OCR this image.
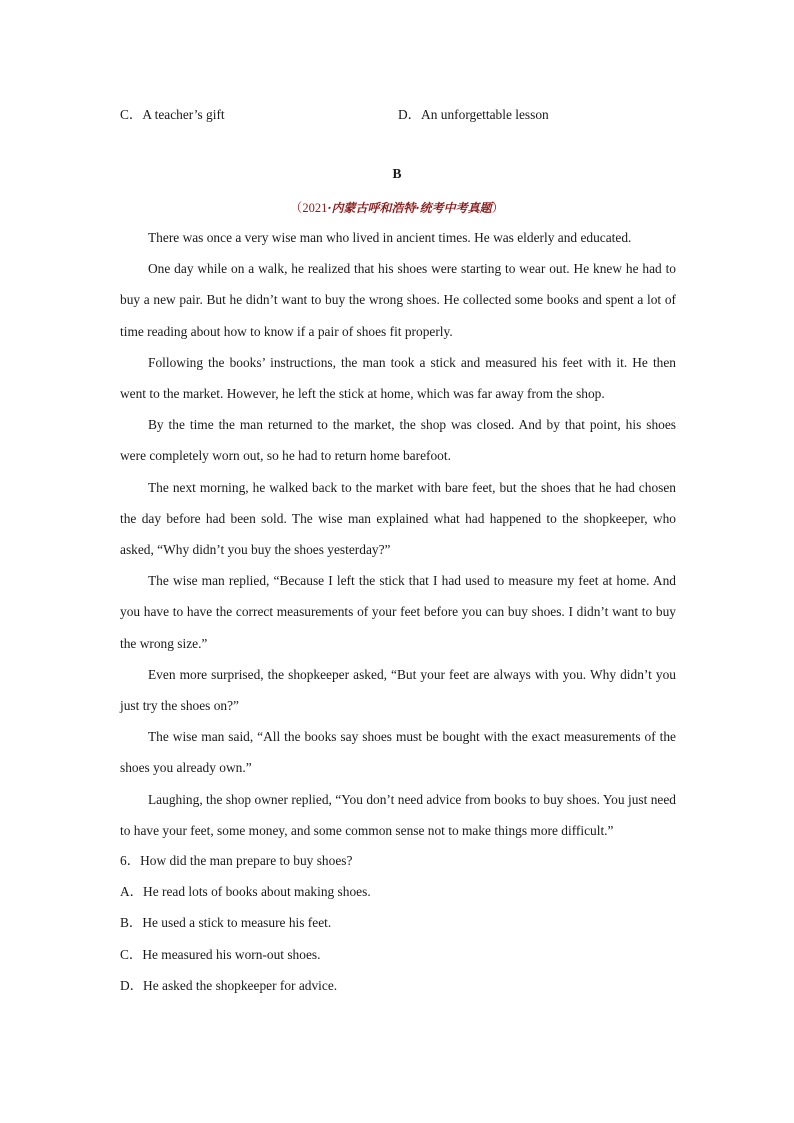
C．A teacher’s gift	D．An unforgettable lesson
B
（2021·内蒙古呼和浩特·统考中考真题）

There was once a very wise man who lived in ancient times. He was elderly and educated.

One day while on a walk, he realized that his shoes were starting to wear out. He knew he had to buy a new pair. But he didn’t want to buy the wrong shoes. He collected some books and spent a lot of time reading about how to know if a pair of shoes fit properly.

Following the books’ instructions, the man took a stick and measured his feet with it. He then went to the market. However, he left the stick at home, which was far away from the shop.

By the time the man returned to the market, the shop was closed. And by that point, his shoes were completely worn out, so he had to return home barefoot.

The next morning, he walked back to the market with bare feet, but the shoes that he had chosen the day before had been sold. The wise man explained what had happened to the shopkeeper, who asked, “Why didn’t you buy the shoes yesterday?”

The wise man replied, “Because I left the stick that I had used to measure my feet at home. And you have to have the correct measurements of your feet before you can buy shoes. I didn’t want to buy the wrong size.”

Even more surprised, the shopkeeper asked, “But your feet are always with you. Why didn’t you just try the shoes on?”

The wise man said, “All the books say shoes must be bought with the exact measurements of the shoes you already own.”

Laughing, the shop owner replied, “You don’t need advice from books to buy shoes. You just need to have your feet, some money, and some common sense not to make things more difficult.”

6．How did the man prepare to buy shoes?

A．He read lots of books about making shoes.

B．He used a stick to measure his feet.

C．He measured his worn-out shoes.

D．He asked the shopkeeper for advice.
